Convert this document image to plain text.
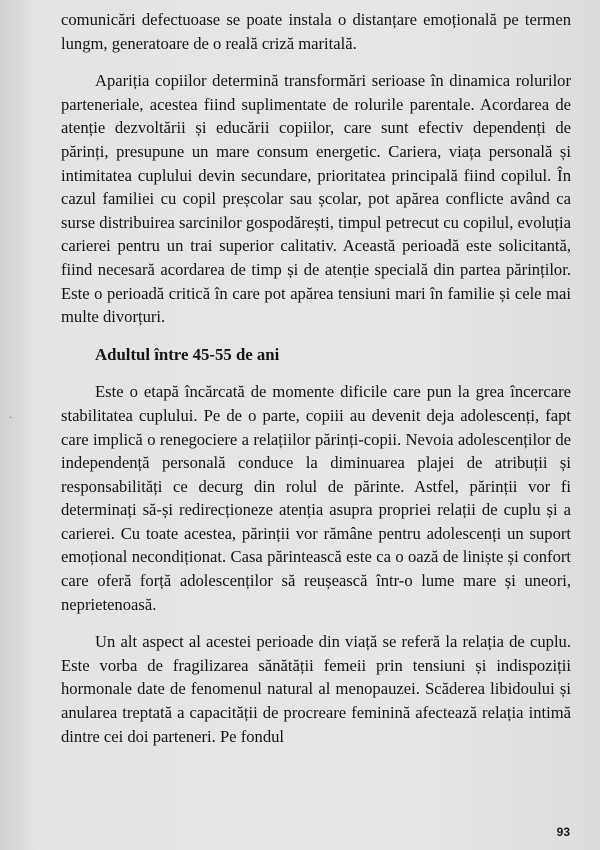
comunicări defectuoase se poate instala o distanțare emoțională pe termen lungm, generatoare de o reală criză maritală.

Apariția copiilor determină transformări serioase în dinamica rolurilor parteneriale, acestea fiind suplimentate de rolurile parentale. Acordarea de atenție dezvoltării și educării copiilor, care sunt efectiv dependenți de părinți, presupune un mare consum energetic. Cariera, viața personală și intimitatea cuplului devin secundare, prioritatea principală fiind copilul. În cazul familiei cu copil preșcolar sau școlar, pot apărea conflicte având ca surse distribuirea sarcinilor gospodărești, timpul petrecut cu copilul, evoluția carierei pentru un trai superior calitativ. Această perioadă este solicitantă, fiind necesară acordarea de timp și de atenție specială din partea părinților. Este o perioadă critică în care pot apărea tensiuni mari în familie și cele mai multe divorțuri.

Adultul între 45-55 de ani

Este o etapă încărcată de momente dificile care pun la grea încercare stabilitatea cuplului. Pe de o parte, copiii au devenit deja adolescenți, fapt care implică o renegociere a relațiilor părinți-copii. Nevoia adolescenților de independență personală conduce la diminuarea plajei de atribuții și responsabilități ce decurg din rolul de părinte. Astfel, părinții vor fi determinați să-și redirecționeze atenția asupra propriei relații de cuplu și a carierei. Cu toate acestea, părinții vor rămâne pentru adolescenți un suport emoțional necondiționat. Casa părintească este ca o oază de liniște și confort care oferă forță adolescenților să reușească într-o lume mare și uneori, neprietenoasă.

Un alt aspect al acestei perioade din viață se referă la relația de cuplu. Este vorba de fragilizarea sănătății femeii prin tensiuni și indispoziții hormonale date de fenomenul natural al menopauzei. Scăderea libidoului și anularea treptată a capacității de procreare feminină afectează relația intimă dintre cei doi parteneri. Pe fondul

·
93
